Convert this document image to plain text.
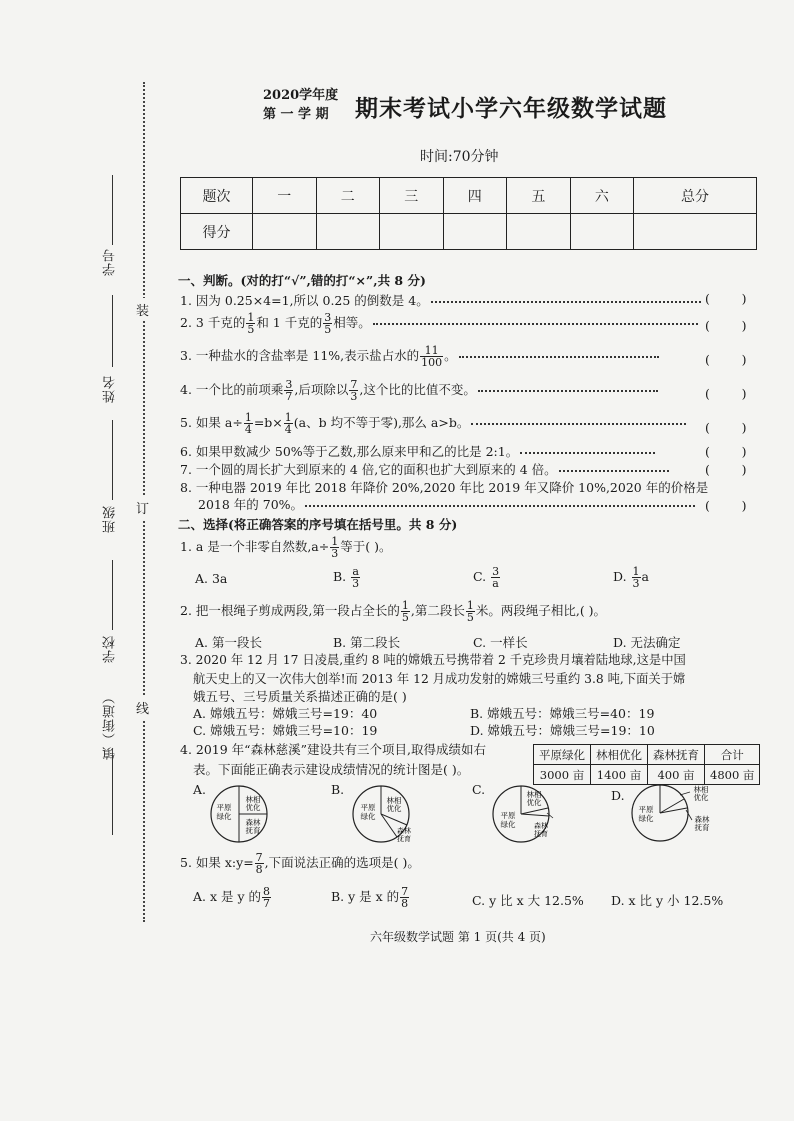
装
订
线
学号
姓名
班级
学校
镇（街道）
2020学年度
第 一 学 期 期末考试小学六年级数学试题
时间:70分钟
题次	一	二	三	四	五	六	总分
得分							
一、判断。(对的打“√”,错的打“×”,共 8 分)
1. 因为 0.25×4=1,所以 0.25 的倒数是 4。	(        )
2. 3 千克的 $\frac{1}{5}$ 和 1 千克的 $\frac{3}{5}$ 相等。	(        )
3. 一种盐水的含盐率是 11%,表示盐占水的 $\frac{11}{100}$ 。	(        )
4. 一个比的前项乘 $\frac{3}{7}$ ,后项除以 $\frac{7}{3}$ ,这个比的比值不变。	(        )
5. 如果 $a\div \frac{1}{4} =b\times \frac{1}{4} (a$、b 均不等于零),那么 a>b。	(        )
6. 如果甲数减少 50%等于乙数,那么原来甲和乙的比是 2:1。	(        )
7. 一个圆的周长扩大到原来的 4 倍,它的面积也扩大到原来的 4 倍。	(        )
8. 一种电器 2019 年比 2018 年降价 20%,2020 年比 2019 年又降价 10%,2020 年的价格是
2018 年的 70%。	(        )
二、选择(将正确答案的序号填在括号里。共 8 分)
1. a 是一个非零自然数$,a\div \frac{1}{3}$ 等于( )。
A. 3a	B. $\frac{a}{3}$	C. $\frac{3}{a}$	D. $\frac{1}{3}$ a
2. 把一根绳子剪成两段,第一段占全长的 $\frac{1}{5}$ ,第二段长 $\frac{1}{5}$ 米。两段绳子相比,( )。
A. 第一段长	B. 第二段长	C. 一样长	D. 无法确定
3. 2020 年 12 月 17 日凌晨,重约 8 吨的嫦娥五号携带着 2 千克珍贵月壤着陆地球,这是中国
航天史上的又一次伟大创举!而 2013 年 12 月成功发射的嫦娥三号重约 3.8 吨,下面关于嫦
娥五号、三号质量关系描述正确的是( )
A. 嫦娥五号：嫦娥三号=19：40	B. 嫦娥五号：嫦娥三号=40：19
C. 嫦娥五号：嫦娥三号=10：19	D. 嫦娥五号：嫦娥三号=19：10
4. 2019 年“森林慈溪”建设共有三个项目,取得成绩如右
表。下面能正确表示建设成绩情况的统计图是( )。
平原绿化	林相优化	森林抚育	合计
3000 亩	1400 亩	400 亩	4800 亩
A.
平原绿化
林相优化
森林抚育
B.
平原绿化
林相优化
森林抚育
C.
平原绿化
林相优化
森林抚育
D.
平原绿化
林相优化
森林抚育
5. 如果 x:y= $\frac{7}{8}$ ,下面说法正确的选项是( )。
A. x 是 y 的 $\frac{8}{7}$	B. y 是 x 的 $\frac{7}{8}$	C. y 比 x 大 12.5% D. x 比 y 小 12.5%
六年级数学试题 第 1 页(共 4 页)
